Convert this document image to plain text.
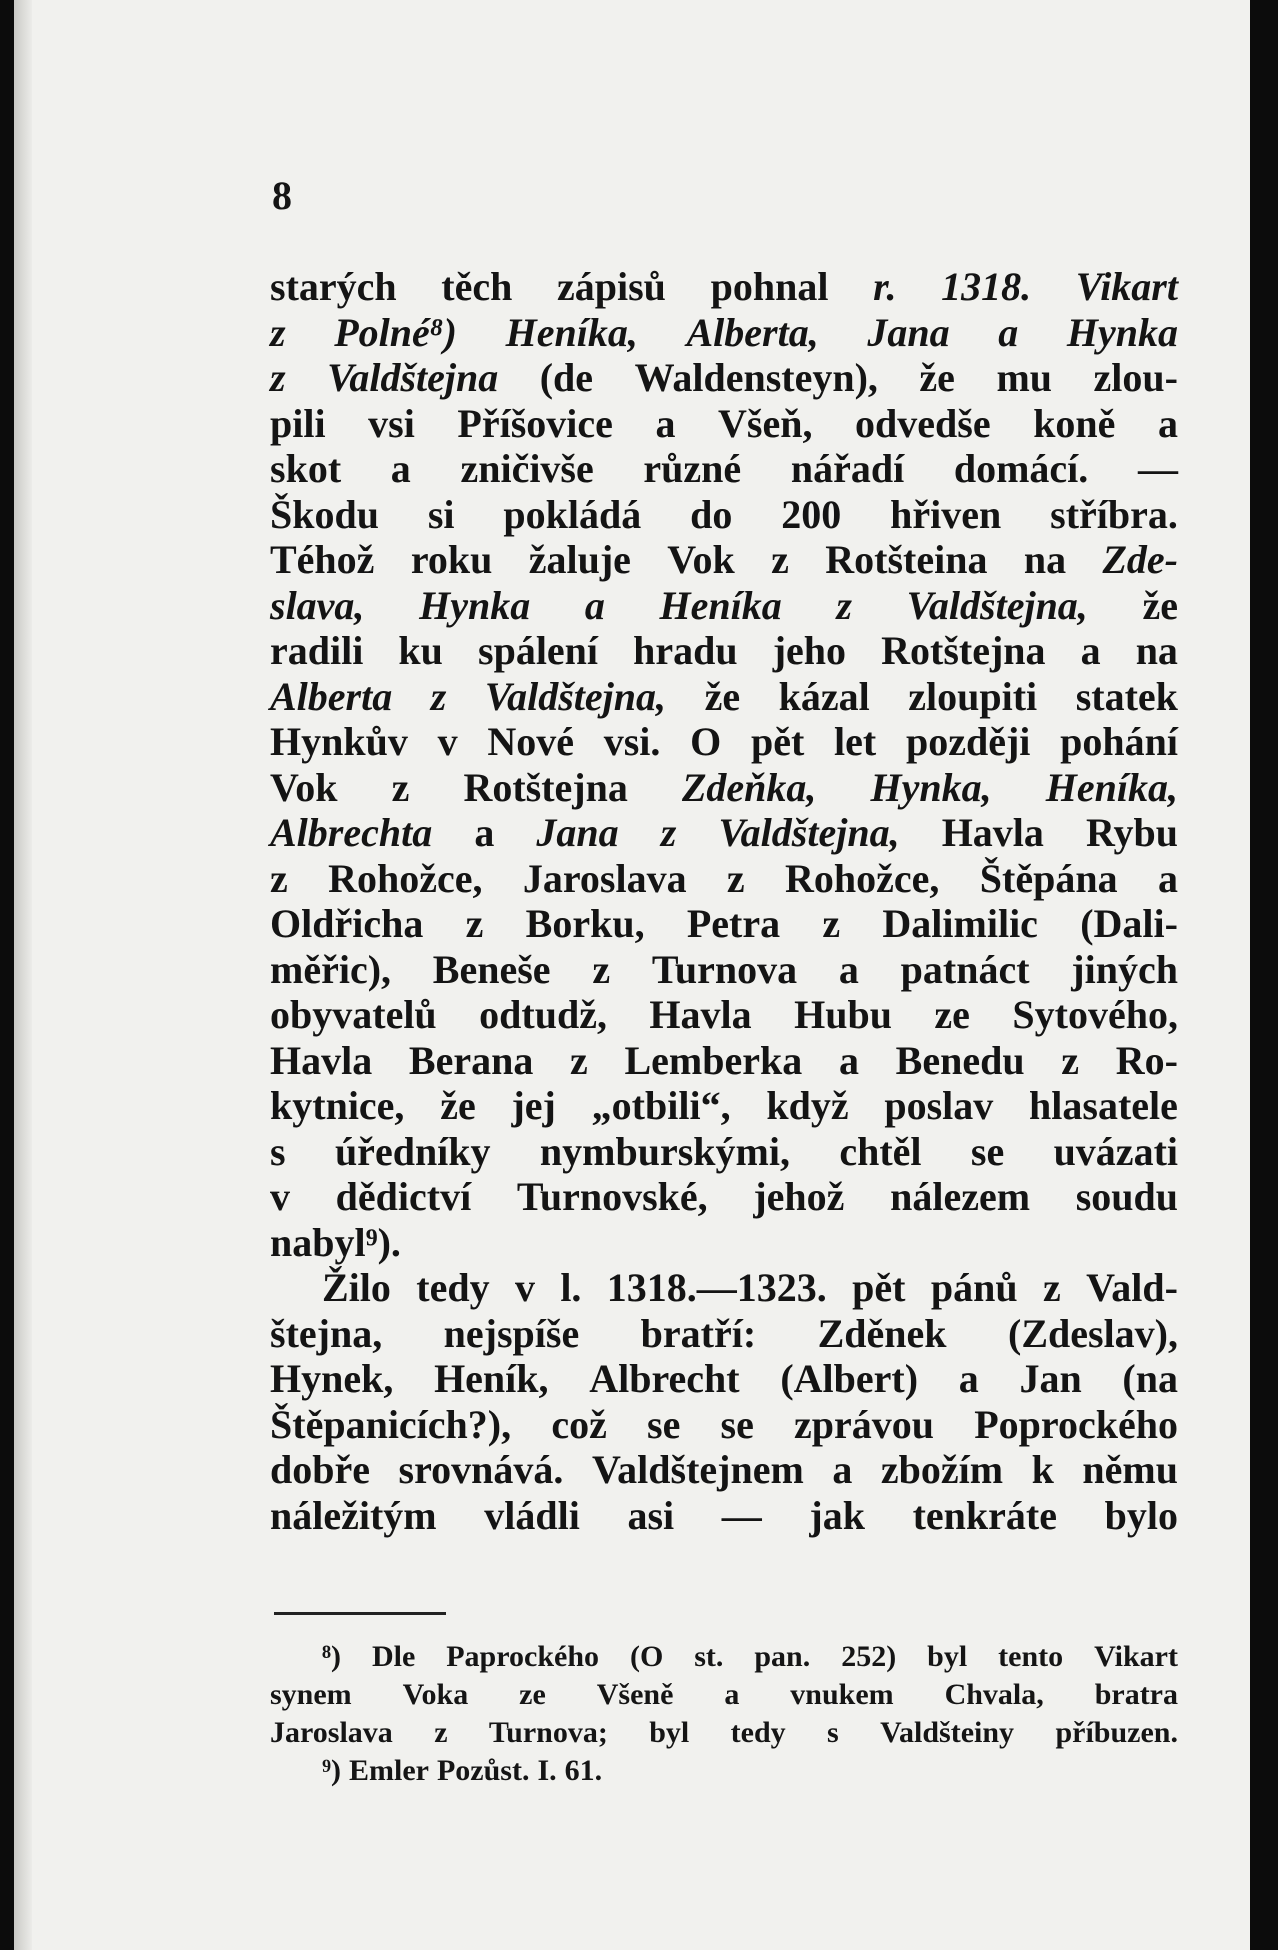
8
starých těch zápisů pohnal r. 1318. Vikart
z Polné⁸) Heníka, Alberta, Jana a Hynka
z Valdštejna (de Waldensteyn), že mu zlou-
pili vsi Příšovice a Všeň, odvedše koně a
skot a zničivše různé nářadí domácí. —
Škodu si pokládá do 200 hřiven stříbra.
Téhož roku žaluje Vok z Rotšteina na Zde-
slava, Hynka a Heníka z Valdštejna, že
radili ku spálení hradu jeho Rotštejna a na
Alberta z Valdštejna, že kázal zloupiti statek
Hynkův v Nové vsi. O pět let později pohání
Vok z Rotštejna Zdeňka, Hynka, Heníka,
Albrechta a Jana z Valdštejna, Havla Rybu
z Rohožce, Jaroslava z Rohožce, Štěpána a
Oldřicha z Borku, Petra z Dalimilic (Dali-
měřic), Beneše z Turnova a patnáct jiných
obyvatelů odtudž, Havla Hubu ze Sytového,
Havla Berana z Lemberka a Benedu z Ro-
kytnice, že jej „otbili“, když poslav hlasatele
s úředníky nymburskými, chtěl se uvázati
v dědictví Turnovské, jehož nálezem soudu
nabyl⁹).
Žilo tedy v l. 1318.—1323. pět pánů z Vald-
štejna, nejspíše bratří: Zděnek (Zdeslav),
Hynek, Heník, Albrecht (Albert) a Jan (na
Štěpanicích?), což se se zprávou Poprockého
dobře srovnává. Valdštejnem a zbožím k němu
náležitým vládli asi — jak tenkráte bylo
⁸) Dle Paprockého (O st. pan. 252) byl tento Vikart
synem Voka ze Všeně a vnukem Chvala, bratra
Jaroslava z Turnova; byl tedy s Valdšteiny příbuzen.
⁹) Emler Pozůst. I. 61.
